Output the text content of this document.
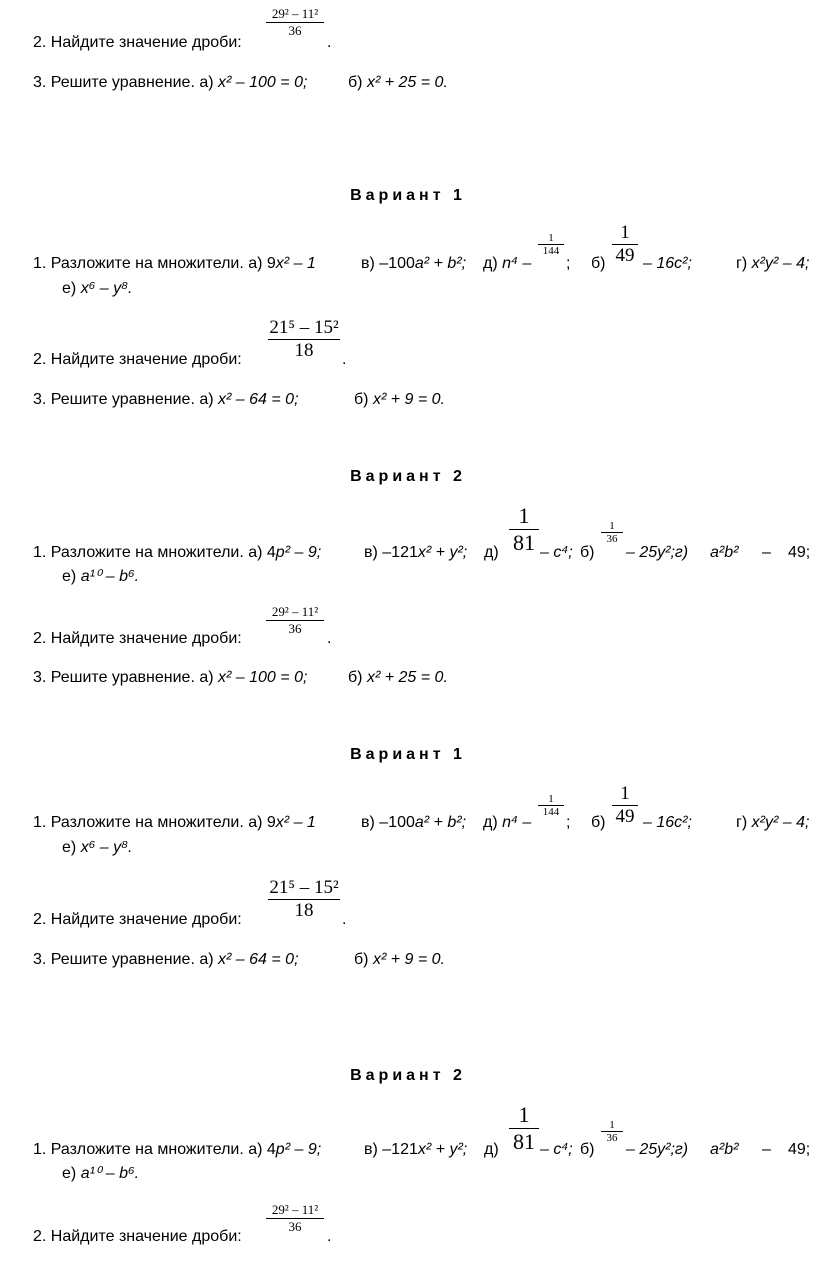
29² – 11²
36
2. Найдите значение дроби:	.
3. Решите уравнение. а) x² – 100 = 0;	б) x² + 25 = 0.
Вариант 1
1
144
1
49
1. Разложите на множители. а) 9x² – 1	в) –100a² + b²; д) n⁴ – ; б) – 16c²;	г) x²y² – 4;
е) x⁶ – y⁸.
21⁵ – 15²
18
2. Найдите значение дроби:	.
3. Решите уравнение. а) x² – 64 = 0;	б) x² + 9 = 0.
Вариант 2
1
81
1
36
1. Разложите на множители. а) 4p² – 9;	в) –121x² + y²; д)	– c⁴; б) – 25y²;г) a²b² – 49;
е) a¹⁰ – b⁶.
29² – 11²
36
2. Найдите значение дроби:	.
3. Решите уравнение. а) x² – 100 = 0;	б) x² + 25 = 0.
Вариант 1
1
144
1
49
1. Разложите на множители. а) 9x² – 1	в) –100a² + b²; д) n⁴ – ; б) – 16c²;	г) x²y² – 4;
е) x⁶ – y⁸.
21⁵ – 15²
18
2. Найдите значение дроби:	.
3. Решите уравнение. а) x² – 64 = 0;	б) x² + 9 = 0.
Вариант 2
1
81
1
36
1. Разложите на множители. а) 4p² – 9;	в) –121x² + y²; д)	– c⁴; б) – 25y²;г) a²b² – 49;
е) a¹⁰ – b⁶.
29² – 11²
36
2. Найдите значение дроби:	.
